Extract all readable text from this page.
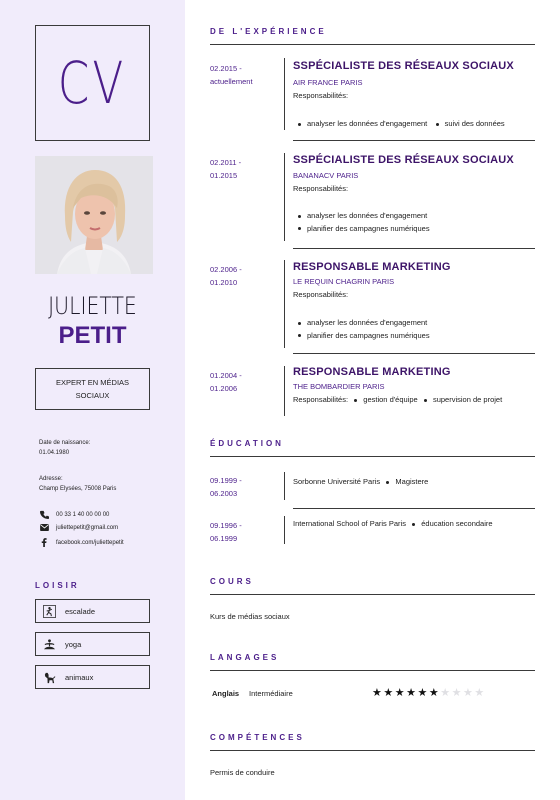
CV
JULIETTE
PETIT
EXPERT EN MÉDIAS SOCIAUX
Date de naissance:
01.04.1980
Adresse:
Champ Elysées, 75008 Paris
00 33 1 40 00 00 00
juliettepetit@gmail.com
facebook.com/juliettepetit
LOISIR
escalade
yoga
animaux
DE L'EXPÉRIENCE
02.2015 -
actuellement
SSPÉCIALISTE DES RÉSEAUX SOCIAUX
AIR FRANCE PARIS
Responsabilités:
analyser les données d'engagement suivi des données
02.2011 -
01.2015
SSPÉCIALISTE DES RÉSEAUX SOCIAUX
BANANACV PARIS
Responsabilités:
analyser les données d'engagement
planifier des campagnes numériques
02.2006 -
01.2010
RESPONSABLE MARKETING
LE REQUIN CHAGRIN PARIS
Responsabilités:
analyser les données d'engagement
planifier des campagnes numériques
01.2004 -
01.2006
RESPONSABLE MARKETING
THE BOMBARDIER PARIS
Responsabilités: gestion d'équipe supervision de projet
ÉDUCATION
09.1999 -
06.2003
Sorbonne Université Paris Magistere
09.1996 -
06.1999
International School of Paris Paris éducation secondaire
COURS
Kurs de médias sociaux
LANGAGES
Anglais Intermédiaire	★★★★★★★★★★
COMPÉTENCES
Permis de conduire
